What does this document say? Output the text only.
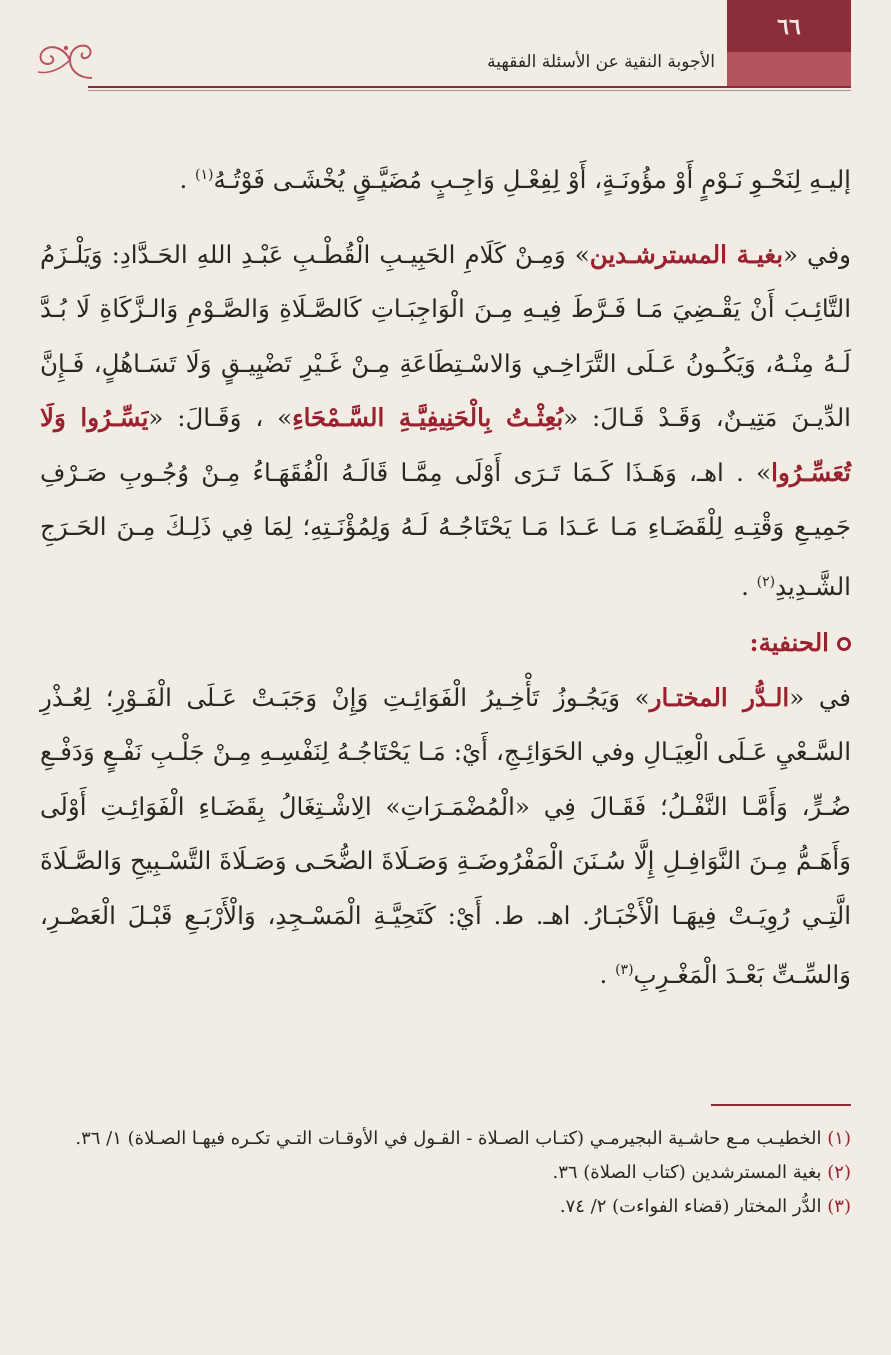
٦٦
الأجوبة النقية عن الأسئلة الفقهية

إليـهِ لِنَحْـوِ نَـوْمٍ أَوْ مؤُونَـةٍ، أَوْ لِفِعْـلِ وَاجِـبٍ مُضَيَّـقٍ يُخْشَـى فَوْتُـهُ$^{(١)}$ .

وفي «بغيـة المسترشـدين» وَمِـنْ كَلَامِ الحَبِيـبِ الْقُطْـبِ عَبْـدِ اللهِ الحَـدَّادِ: وَيَلْـزَمُ التَّائِـبَ أَنْ يَقْـضِيَ مَـا فَـرَّطَ فِيـهِ مِـنَ الْوَاجِبَـاتِ كَالصَّـلَاةِ وَالصَّـوْمِ وَالـزَّكَاةِ لَا بُـدَّ لَـهُ مِنْـهُ، وَيَكُـونُ عَـلَى التَّرَاخِـي وَالاسْـتِطَاعَةِ مِـنْ غَـيْرِ تَضْيِيـقٍ وَلَا تَسَـاهُلٍ، فَـإِنَّ الدِّيـنَ مَتِيـنٌ، وَقَـدْ قَـالَ: «بُعِثْـتُ بِالْحَنِيفِيَّـةِ السَّـمْحَاءِ» ، وَقَـالَ: «يَسِّـرُوا وَلَا تُعَسِّـرُوا» . اهـ، وَهَـذَا كَـمَا تَـرَى أَوْلَى مِمَّـا قَالَـهُ الْفُقَهَـاءُ مِـنْ وُجُـوبِ صَـرْفِ جَمِيـعِ وَقْتِـهِ لِلْقَضَـاءِ مَـا عَـدَا مَـا يَحْتَاجُـهُ لَـهُ وَلِمُؤْنَـتِهِ؛ لِمَا فِي ذَلِـكَ مِـنَ الحَـرَجِ الشَّـدِيدِ$^{(٢)}$ .

الحنفية:

في «الـدُّر المختـار» وَيَجُـوزُ تَأْخِـيرُ الْفَوَائِـتِ وَإِنْ وَجَبَـتْ عَـلَى الْفَـوْرِ؛ لِعُـذْرِ السَّـعْيِ عَـلَى الْعِيَـالِ وفي الحَوَائِـجِ، أَيْ: مَـا يَحْتَاجُـهُ لِنَفْسِـهِ مِـنْ جَلْـبِ نَفْـعٍ وَدَفْـعِ ضُـرٍّ، وَأَمَّـا النَّفْـلُ؛ فَقَـالَ فِي «الْمُضْمَـرَاتِ» الِاشْـتِغَالُ بِقَضَـاءِ الْفَوَائِـتِ أَوْلَى وَأَهَـمُّ مِـنَ النَّوَافِـلِ إِلَّا سُـنَنَ الْمَفْرُوضَـةِ وَصَـلَاةَ الضُّحَـى وَصَـلَاةَ التَّسْـبِيحِ وَالصَّـلَاةَ الَّتِـي رُوِيَـتْ فِيهَـا الْأَخْبَـارُ. اهـ. ط. أَيْ: كَتَحِيَّـةِ الْمَسْـجِدِ، وَالْأَرْبَـعِ قَبْـلَ الْعَصْـرِ، وَالسِّـتِّ بَعْـدَ الْمَغْـرِبِ$^{(٣)}$ .

(١) الخطيـب مـع حاشـية البجيرمـي (كتـاب الصـلاة - القـول في الأوقـات التـي تكـره فيهـا الصـلاة) ١/ ٣٦.

(٢) بغية المسترشدين (كتاب الصلاة) ٣٦.

(٣) الدُّر المختار (قضاء الفواءت) ٢/ ٧٤.
